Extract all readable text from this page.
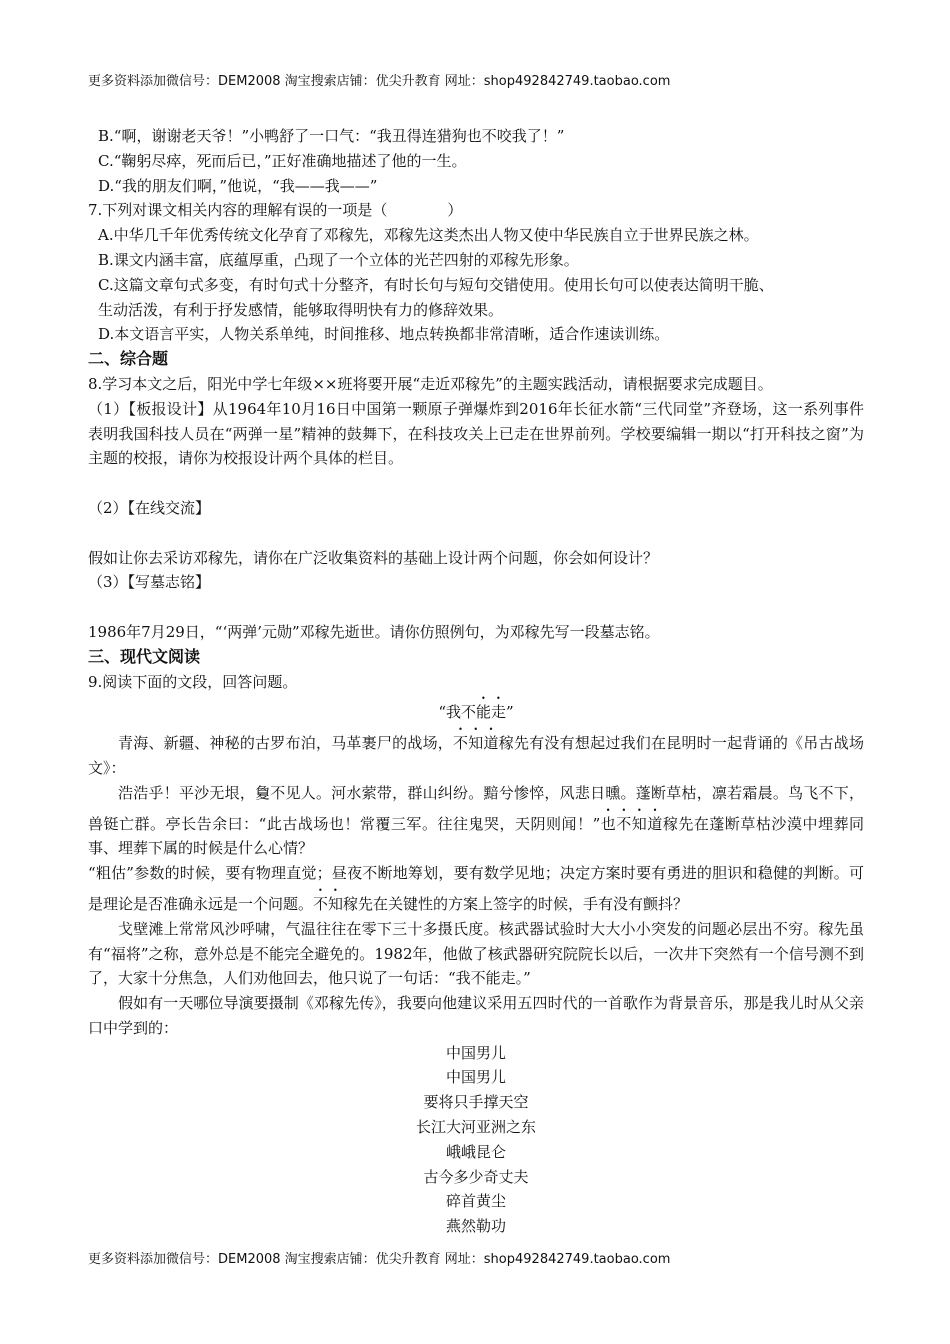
更多资料添加微信号：DEM2008 淘宝搜索店铺：优尖升教育 网址：shop492842749.taobao.com

B.“啊，谢谢老天爷！”小鸭舒了一口气：“我丑得连猎狗也不咬我了！”

C.“鞠躬尽瘁，死而后已，”正好准确地描述了他的一生。

D.“我的朋友们啊，”他说，“我——我——”

7.下列对课文相关内容的理解有误的一项是（　　　　）

A.中华几千年优秀传统文化孕育了邓稼先，邓稼先这类杰出人物又使中华民族自立于世界民族之林。

B.课文内涵丰富，底蕴厚重，凸现了一个立体的光芒四射的邓稼先形象。

C.这篇文章句式多变，有时句式十分整齐，有时长句与短句交错使用。使用长句可以使表达简明干脆、

生动活泼，有利于抒发感情，能够取得明快有力的修辞效果。

D.本文语言平实，人物关系单纯，时间推移、地点转换都非常清晰，适合作速读训练。

二、综合题

8.学习本文之后，阳光中学七年级××班将要开展“走近邓稼先”的主题实践活动，请根据要求完成题目。

（1）【板报设计】从1964年10月16日中国第一颗原子弹爆炸到2016年长征水箭“三代同堂”齐登场，这一系列事件表明我国科技人员在“两弹一星”精神的鼓舞下，在科技攻关上已走在世界前列。学校要编辑一期以“打开科技之窗”为主题的校报，请你为校报设计两个具体的栏目。

（2）【在线交流】

假如让你去采访邓稼先，请你在广泛收集资料的基础上设计两个问题，你会如何设计？

（3）【写墓志铭】

1986年7月29日，“‘两弹’元勋”邓稼先逝世。请你仿照例句，为邓稼先写一段墓志铭。

三、现代文阅读

9.阅读下面的文段，回答问题。

“我不能走”

青海、新疆、神秘的古罗布泊，马革裹尸的战场，不知道稼先有没有想起过我们在昆明时一起背诵的《吊古战场文》：

浩浩乎！平沙无垠，敻不见人。河水萦带，群山纠纷。黯兮惨悴，风悲日曛。蓬断草枯，凛若霜晨。鸟飞不下，兽铤亡群。亭长告余曰：“此古战场也！常覆三军。往往鬼哭，天阴则闻！”也不知道稼先在蓬断草枯沙漠中埋葬同事、埋葬下属的时候是什么心情？

“粗估”参数的时候，要有物理直觉；昼夜不断地筹划，要有数学见地；决定方案时要有勇进的胆识和稳健的判断。可是理论是否准确永远是一个问题。不知稼先在关键性的方案上签字的时候，手有没有颤抖？

戈壁滩上常常风沙呼啸，气温往往在零下三十多摄氏度。核武器试验时大大小小突发的问题必层出不穷。稼先虽有“福将”之称，意外总是不能完全避免的。1982年，他做了核武器研究院院长以后，一次井下突然有一个信号测不到了，大家十分焦急，人们劝他回去，他只说了一句话：“我不能走。”

假如有一天哪位导演要摄制《邓稼先传》，我要向他建议采用五四时代的一首歌作为背景音乐，那是我儿时从父亲口中学到的：

中国男儿

中国男儿

要将只手撑天空

长江大河亚洲之东

峨峨昆仑

古今多少奇丈夫

碎首黄尘

燕然勒功

更多资料添加微信号：DEM2008 淘宝搜索店铺：优尖升教育 网址：shop492842749.taobao.com
